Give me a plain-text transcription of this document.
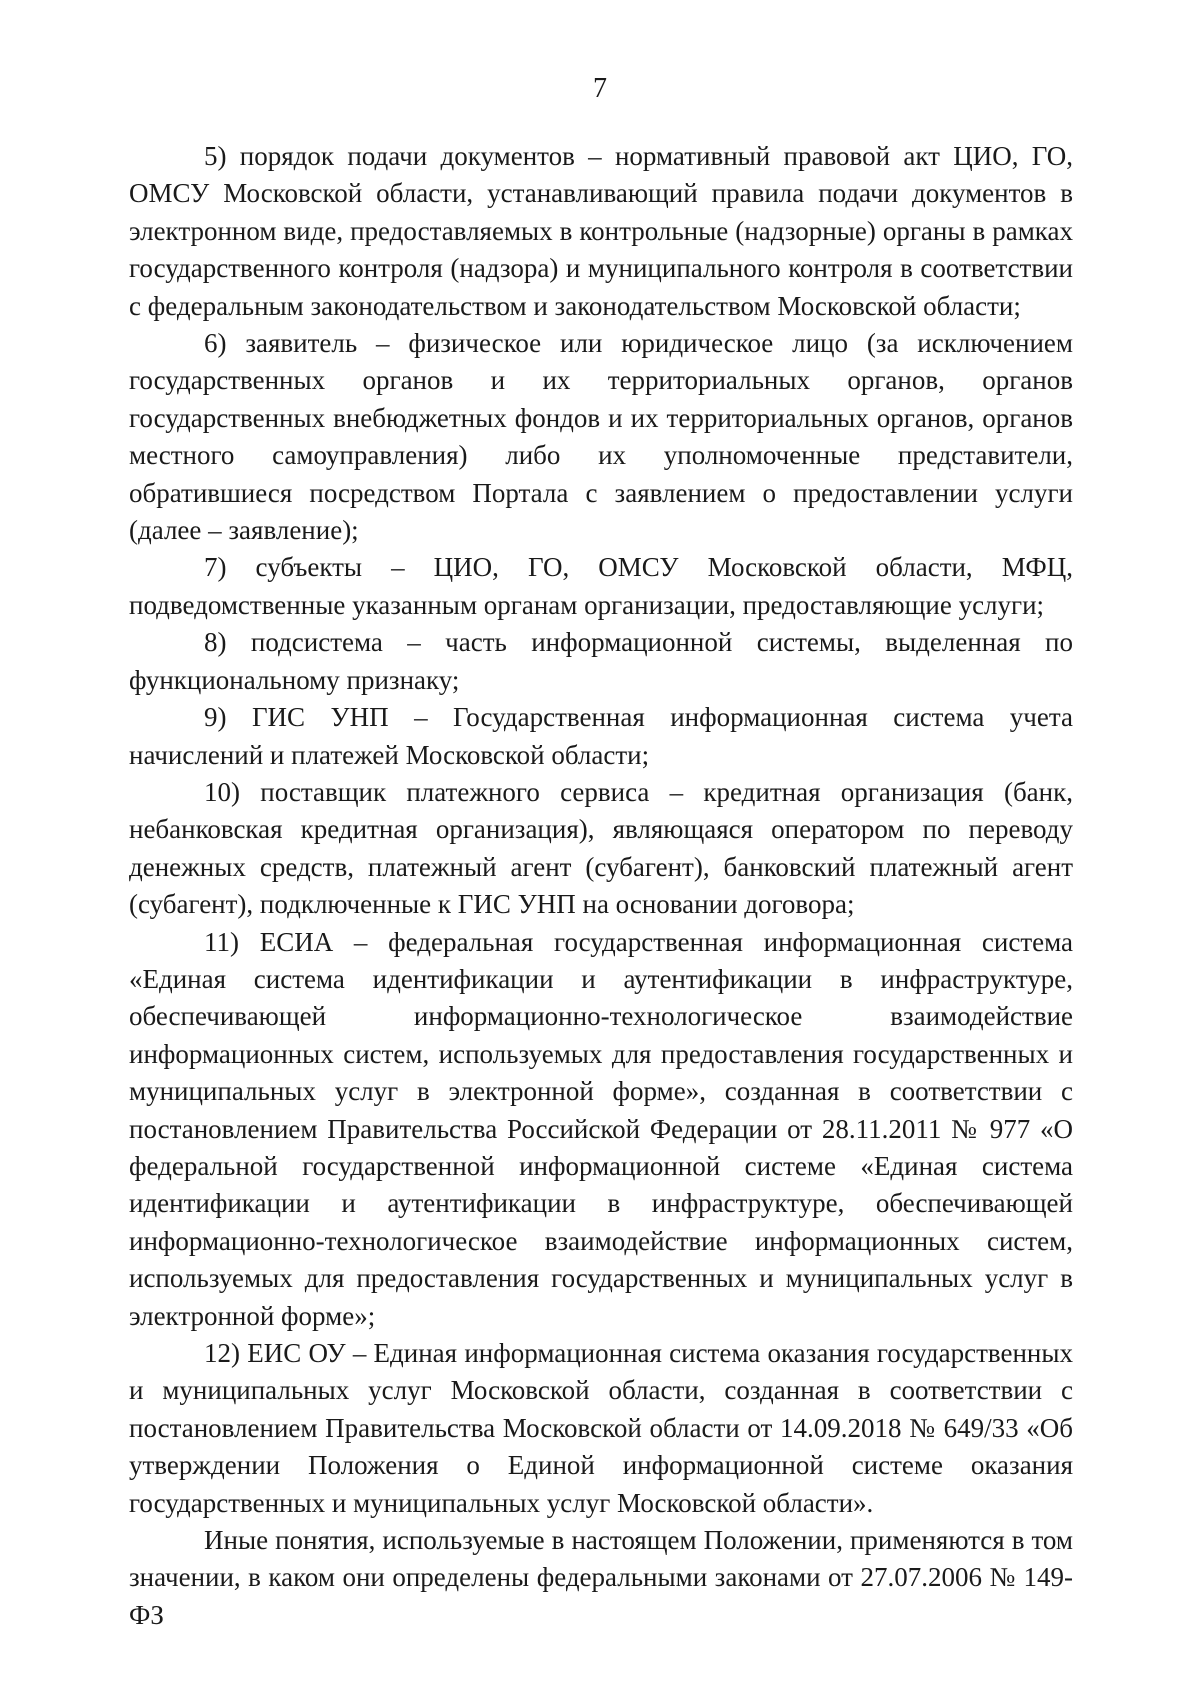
7

5) порядок подачи документов – нормативный правовой акт ЦИО, ГО, ОМСУ Московской области, устанавливающий правила подачи документов в электронном виде, предоставляемых в контрольные (надзорные) органы в рамках государственного контроля (надзора) и муниципального контроля в соответствии с федеральным законодательством и законодательством Московской области;

6) заявитель – физическое или юридическое лицо (за исключением государственных органов и их территориальных органов, органов государственных внебюджетных фондов и их территориальных органов, органов местного самоуправления) либо их уполномоченные представители, обратившиеся посредством Портала с заявлением о предоставлении услуги (далее – заявление);

7) субъекты – ЦИО, ГО, ОМСУ Московской области, МФЦ, подведомственные указанным органам организации, предоставляющие услуги;

8) подсистема – часть информационной системы, выделенная по функциональному признаку;

9) ГИС УНП – Государственная информационная система учета начислений и платежей Московской области;

10) поставщик платежного сервиса – кредитная организация (банк, небанковская кредитная организация), являющаяся оператором по переводу денежных средств, платежный агент (субагент), банковский платежный агент (субагент), подключенные к ГИС УНП на основании договора;

11) ЕСИА – федеральная государственная информационная система «Единая система идентификации и аутентификации в инфраструктуре, обеспечивающей информационно-технологическое взаимодействие информационных систем, используемых для предоставления государственных и муниципальных услуг в электронной форме», созданная в соответствии с постановлением Правительства Российской Федерации от 28.11.2011 № 977 «О федеральной государственной информационной системе «Единая система идентификации и аутентификации в инфраструктуре, обеспечивающей информационно-технологическое взаимодействие информационных систем, используемых для предоставления государственных и муниципальных услуг в электронной форме»;

12) ЕИС ОУ – Единая информационная система оказания государственных и муниципальных услуг Московской области, созданная в соответствии с постановлением Правительства Московской области от 14.09.2018 № 649/33 «Об утверждении Положения о Единой информационной системе оказания государственных и муниципальных услуг Московской области».

Иные понятия, используемые в настоящем Положении, применяются в том значении, в каком они определены федеральными законами от 27.07.2006 № 149-ФЗ
